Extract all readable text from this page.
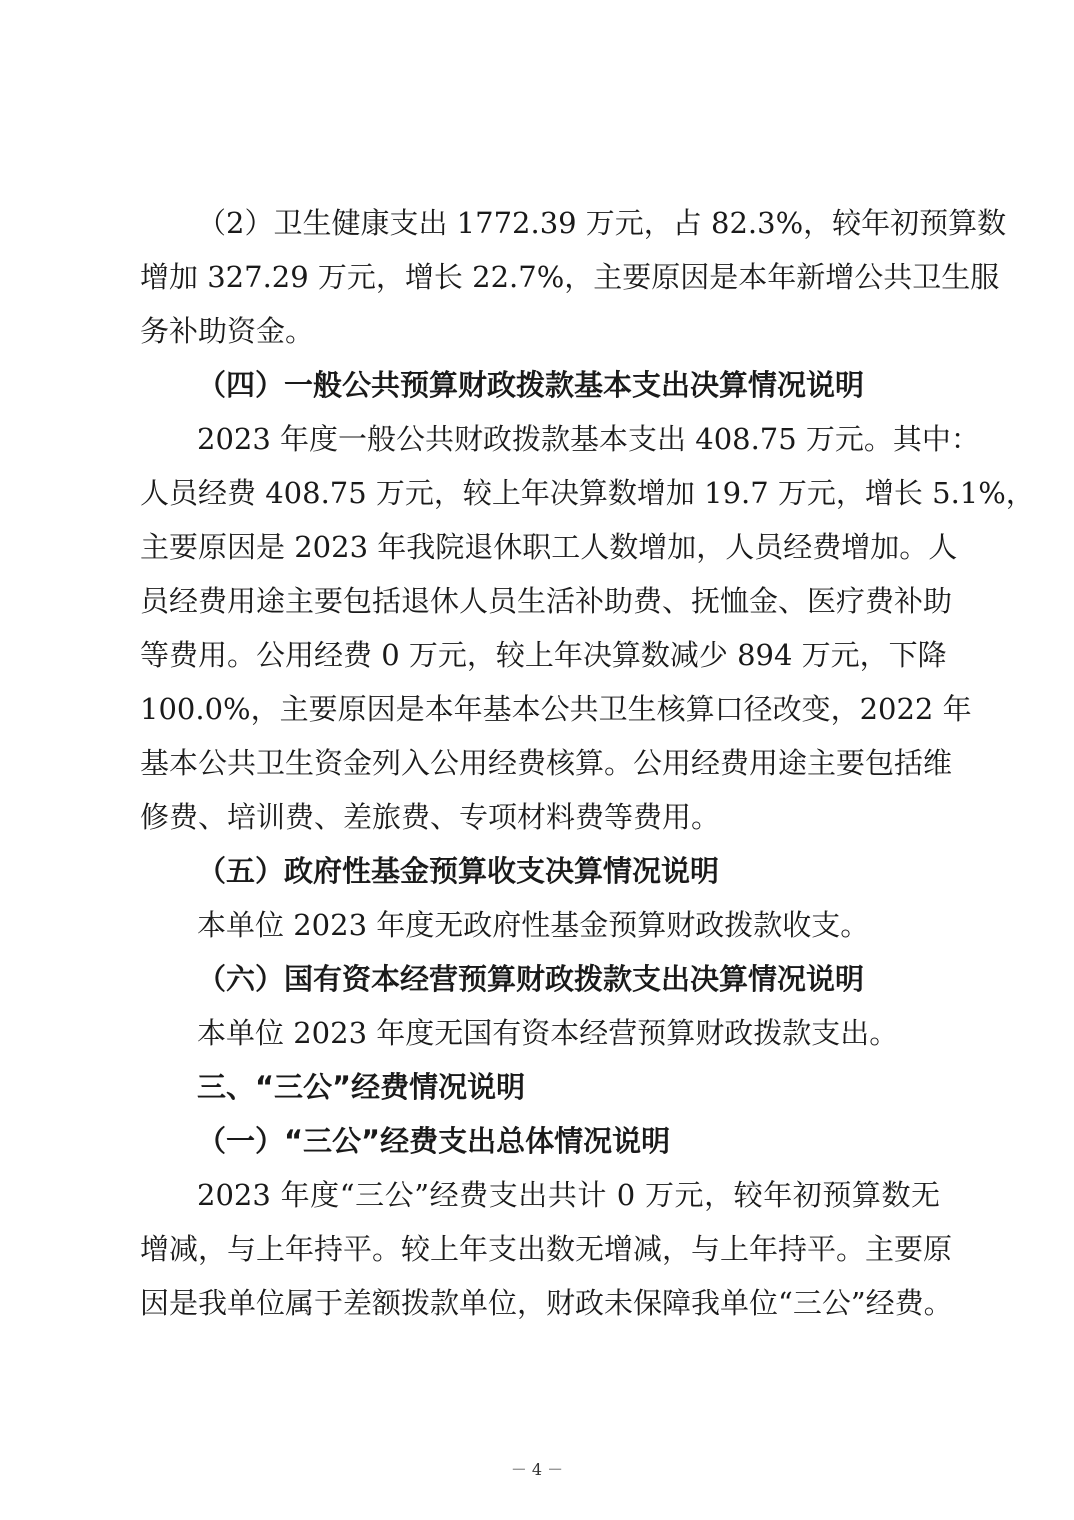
（2）卫生健康支出 1772.39 万元，占 82.3%，较年初预算数
增加 327.29 万元，增长 22.7%，主要原因是本年新增公共卫生服
务补助资金。
（四）一般公共预算财政拨款基本支出决算情况说明
2023 年度一般公共财政拨款基本支出 408.75 万元。其中：
人员经费 408.75 万元，较上年决算数增加 19.7 万元，增长 5.1%，
主要原因是 2023 年我院退休职工人数增加，人员经费增加。人
员经费用途主要包括退休人员生活补助费、抚恤金、医疗费补助
等费用。公用经费 0 万元，较上年决算数减少 894 万元，下降
100.0%，主要原因是本年基本公共卫生核算口径改变，2022 年
基本公共卫生资金列入公用经费核算。公用经费用途主要包括维
修费、培训费、差旅费、专项材料费等费用。
（五）政府性基金预算收支决算情况说明
本单位 2023 年度无政府性基金预算财政拨款收支。
（六）国有资本经营预算财政拨款支出决算情况说明
本单位 2023 年度无国有资本经营预算财政拨款支出。
三、“三公”经费情况说明
（一）“三公”经费支出总体情况说明
2023 年度“三公”经费支出共计 0 万元，较年初预算数无
增减，与上年持平。较上年支出数无增减，与上年持平。主要原
因是我单位属于差额拨款单位，财政未保障我单位“三公”经费。
－ 4 －
